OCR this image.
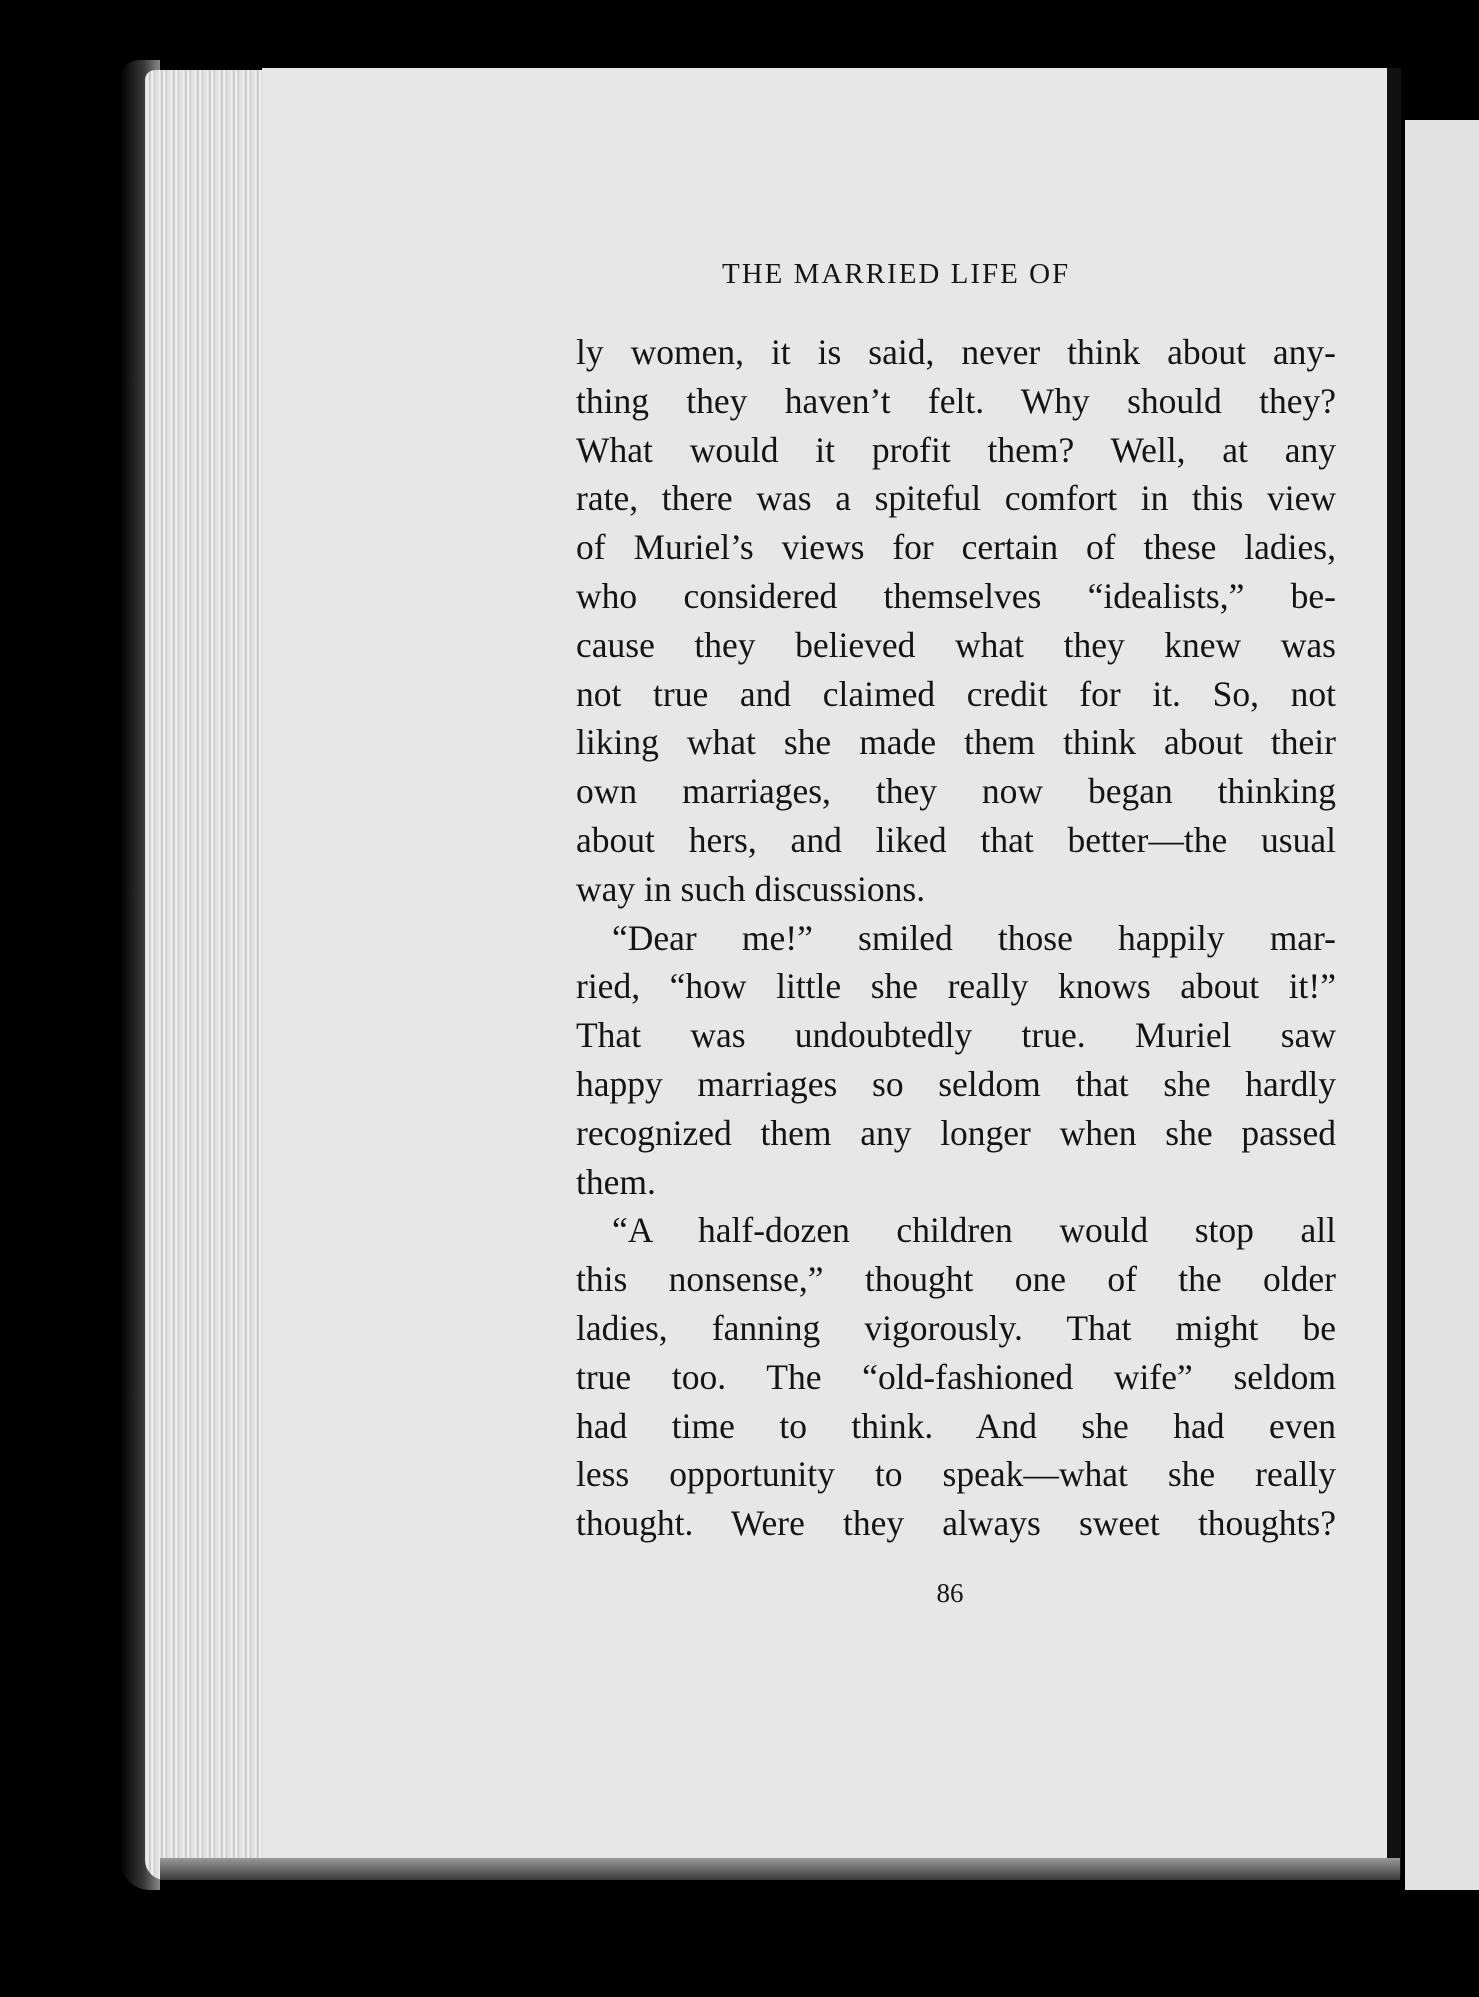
THE MARRIED LIFE OF
ly women, it is said, never think about any-
thing they haven’t felt. Why should they?
What would it profit them? Well, at any
rate, there was a spiteful comfort in this view
of Muriel’s views for certain of these ladies,
who considered themselves “idealists,” be-
cause they believed what they knew was
not true and claimed credit for it. So, not
liking what she made them think about their
own marriages, they now began thinking
about hers, and liked that better—the usual
way in such discussions.
“Dear me!” smiled those happily mar-
ried, “how little she really knows about it!”
That was undoubtedly true. Muriel saw
happy marriages so seldom that she hardly
recognized them any longer when she passed
them.
“A half-dozen children would stop all
this nonsense,” thought one of the older
ladies, fanning vigorously. That might be
true too. The “old-fashioned wife” seldom
had time to think. And she had even
less opportunity to speak—what she really
thought. Were they always sweet thoughts?
86
